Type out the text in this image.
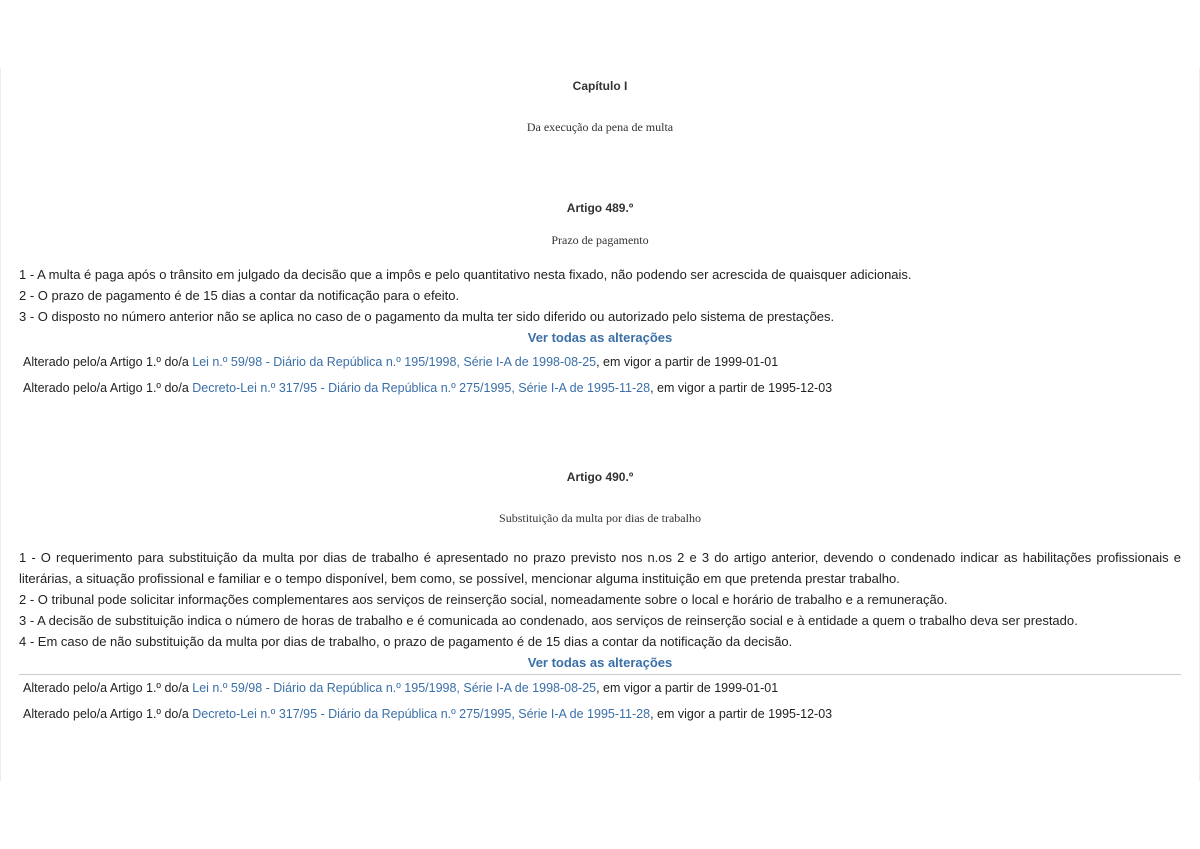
Capítulo I
Da execução da pena de multa
Artigo 489.º
Prazo de pagamento

1 - A multa é paga após o trânsito em julgado da decisão que a impôs e pelo quantitativo nesta fixado, não podendo ser acrescida de quaisquer adicionais.

2 - O prazo de pagamento é de 15 dias a contar da notificação para o efeito.

3 - O disposto no número anterior não se aplica no caso de o pagamento da multa ter sido diferido ou autorizado pelo sistema de prestações.

Ver todas as alterações
Alterado pelo/a Artigo 1.º do/a Lei n.º 59/98 - Diário da República n.º 195/1998, Série I-A de 1998-08-25, em vigor a partir de 1999-01-01
Alterado pelo/a Artigo 1.º do/a Decreto-Lei n.º 317/95 - Diário da República n.º 275/1995, Série I-A de 1995-11-28, em vigor a partir de 1995-12-03
Artigo 490.º
Substituição da multa por dias de trabalho

1 - O requerimento para substituição da multa por dias de trabalho é apresentado no prazo previsto nos n.os 2 e 3 do artigo anterior, devendo o condenado indicar as habilitações profissionais e literárias, a situação profissional e familiar e o tempo disponível, bem como, se possível, mencionar alguma instituição em que pretenda prestar trabalho.

2 - O tribunal pode solicitar informações complementares aos serviços de reinserção social, nomeadamente sobre o local e horário de trabalho e a remuneração.

3 - A decisão de substituição indica o número de horas de trabalho e é comunicada ao condenado, aos serviços de reinserção social e à entidade a quem o trabalho deva ser prestado.

4 - Em caso de não substituição da multa por dias de trabalho, o prazo de pagamento é de 15 dias a contar da notificação da decisão.

Ver todas as alterações
Alterado pelo/a Artigo 1.º do/a Lei n.º 59/98 - Diário da República n.º 195/1998, Série I-A de 1998-08-25, em vigor a partir de 1999-01-01
Alterado pelo/a Artigo 1.º do/a Decreto-Lei n.º 317/95 - Diário da República n.º 275/1995, Série I-A de 1995-11-28, em vigor a partir de 1995-12-03
